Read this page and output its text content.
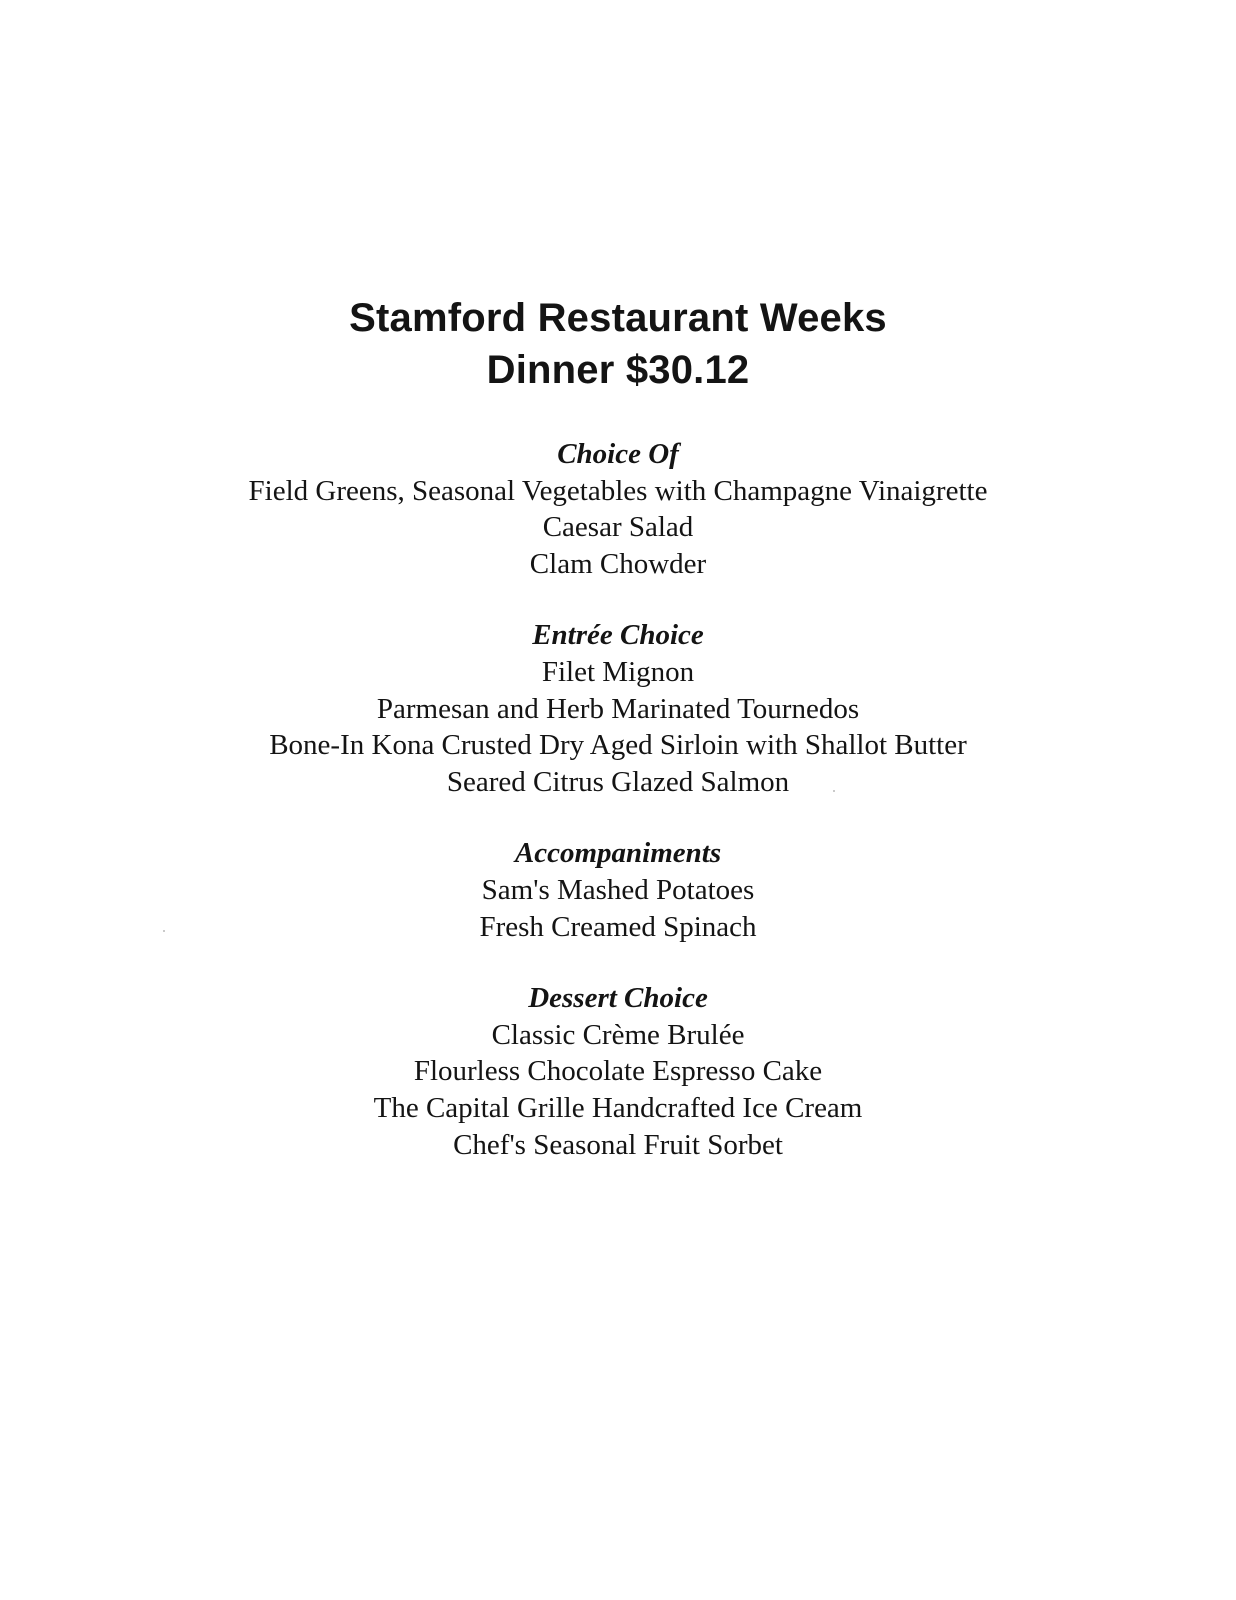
Stamford Restaurant Weeks
Dinner $30.12
Choice Of
Field Greens, Seasonal Vegetables with Champagne Vinaigrette
Caesar Salad
Clam Chowder
Entrée Choice
Filet Mignon
Parmesan and Herb Marinated Tournedos
Bone-In Kona Crusted Dry Aged Sirloin with Shallot Butter
Seared Citrus Glazed Salmon
Accompaniments
Sam's Mashed Potatoes
Fresh Creamed Spinach
Dessert Choice
Classic Crème Brulée
Flourless Chocolate Espresso Cake
The Capital Grille Handcrafted Ice Cream
Chef's Seasonal Fruit Sorbet
